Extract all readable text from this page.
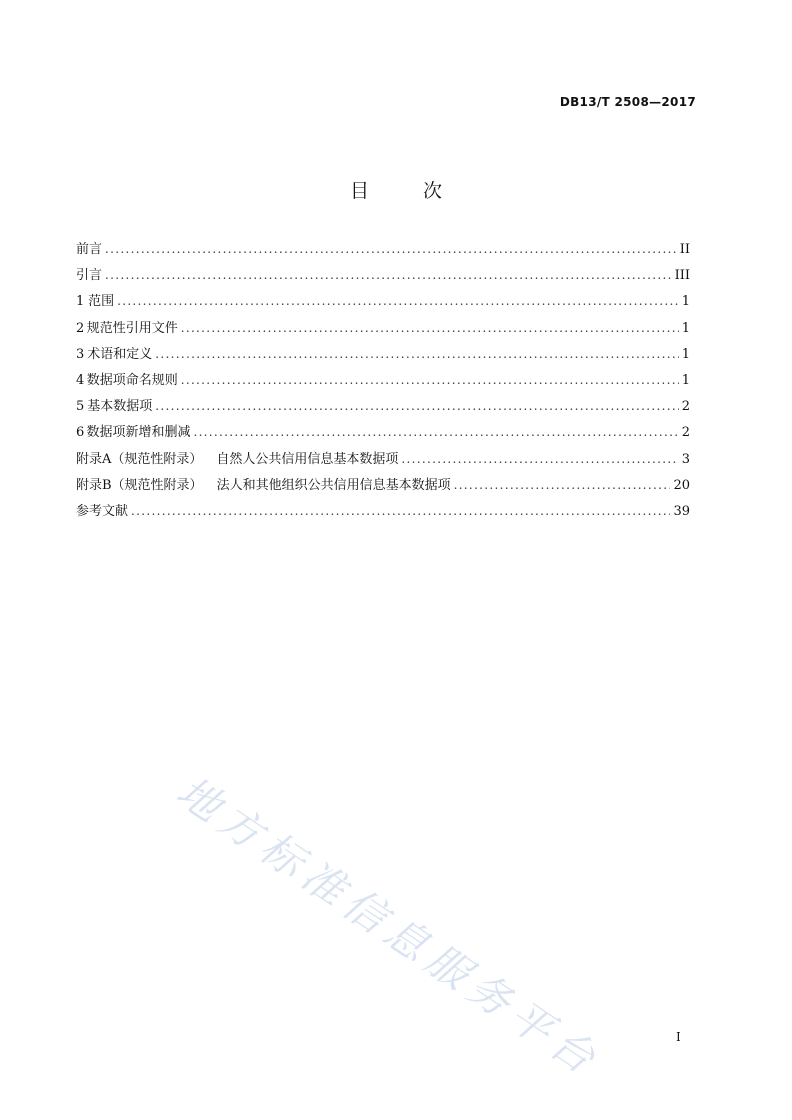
DB13/T 2508—2017
目	次
前言 .....	II
引言 .....	III
1 范围 .....	1
2 规范性引用文件 .....	1
3 术语和定义 .....	1
4 数据项命名规则 .....	1
5 基本数据项 .....	2
6 数据项新增和删减 .....	2
附录A（规范性附录） 自然人公共信用信息基本数据项 .....	3
附录B（规范性附录） 法人和其他组织公共信用信息基本数据项 .....	20
参考文献 .....	39
地方标准信息服务平台	I
